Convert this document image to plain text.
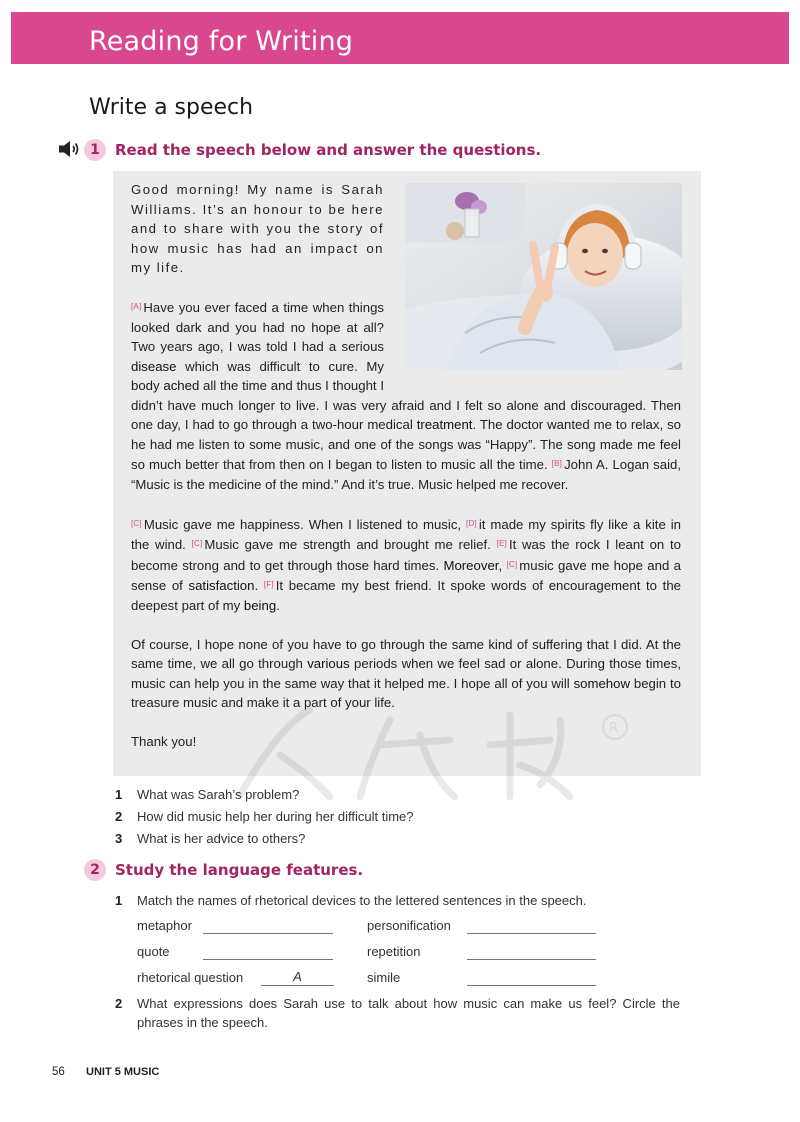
Reading for Writing
Write a speech
1	Read the speech below and answer the questions.

Good morning! My name is Sarah Williams. It’s an honour to be here and to share with you the story of how music has had an impact on my life.

[A] Have you ever faced a time when things looked dark and you had no hope at all? Two years ago, I was told I had a serious disease which was difficult to cure. My body ached all the time and thus I thought I didn’t have much longer to live. I was very afraid and I felt so alone and discouraged. Then one day, I had to go through a two-hour medical treatment. The doctor wanted me to relax, so he had me listen to some music, and one of the songs was “Happy”. The song made me feel so much better that from then on I began to listen to music all the time. [B] John A. Logan said, “Music is the medicine of the mind.” And it’s true. Music helped me recover.

[C] Music gave me happiness. When I listened to music, [D] it made my spirits fly like a kite in the wind. [C] Music gave me strength and brought me relief. [E] It was the rock I leant on to become strong and to get through those hard times. Moreover, [C] music gave me hope and a sense of satisfaction. [F] It became my best friend. It spoke words of encouragement to the deepest part of my being.

Of course, I hope none of you have to go through the same kind of suffering that I did. At the same time, we all go through various periods when we feel sad or alone. During those times, music can help you in the same way that it helped me. I hope all of you will somehow begin to treasure music and make it a part of your life.

Thank you!

R
1 What was Sarah’s problem?
2 How did music help her during her difficult time?
3 What is her advice to others?
2	Study the language features.
1	Match the names of rhetorical devices to the lettered sentences in the speech.
metaphor	personification
quote	repetition
rhetorical question	A	simile
2	What expressions does Sarah use to talk about how music can make us feel? Circle the phrases in the speech.
56 UNIT 5 MUSIC
